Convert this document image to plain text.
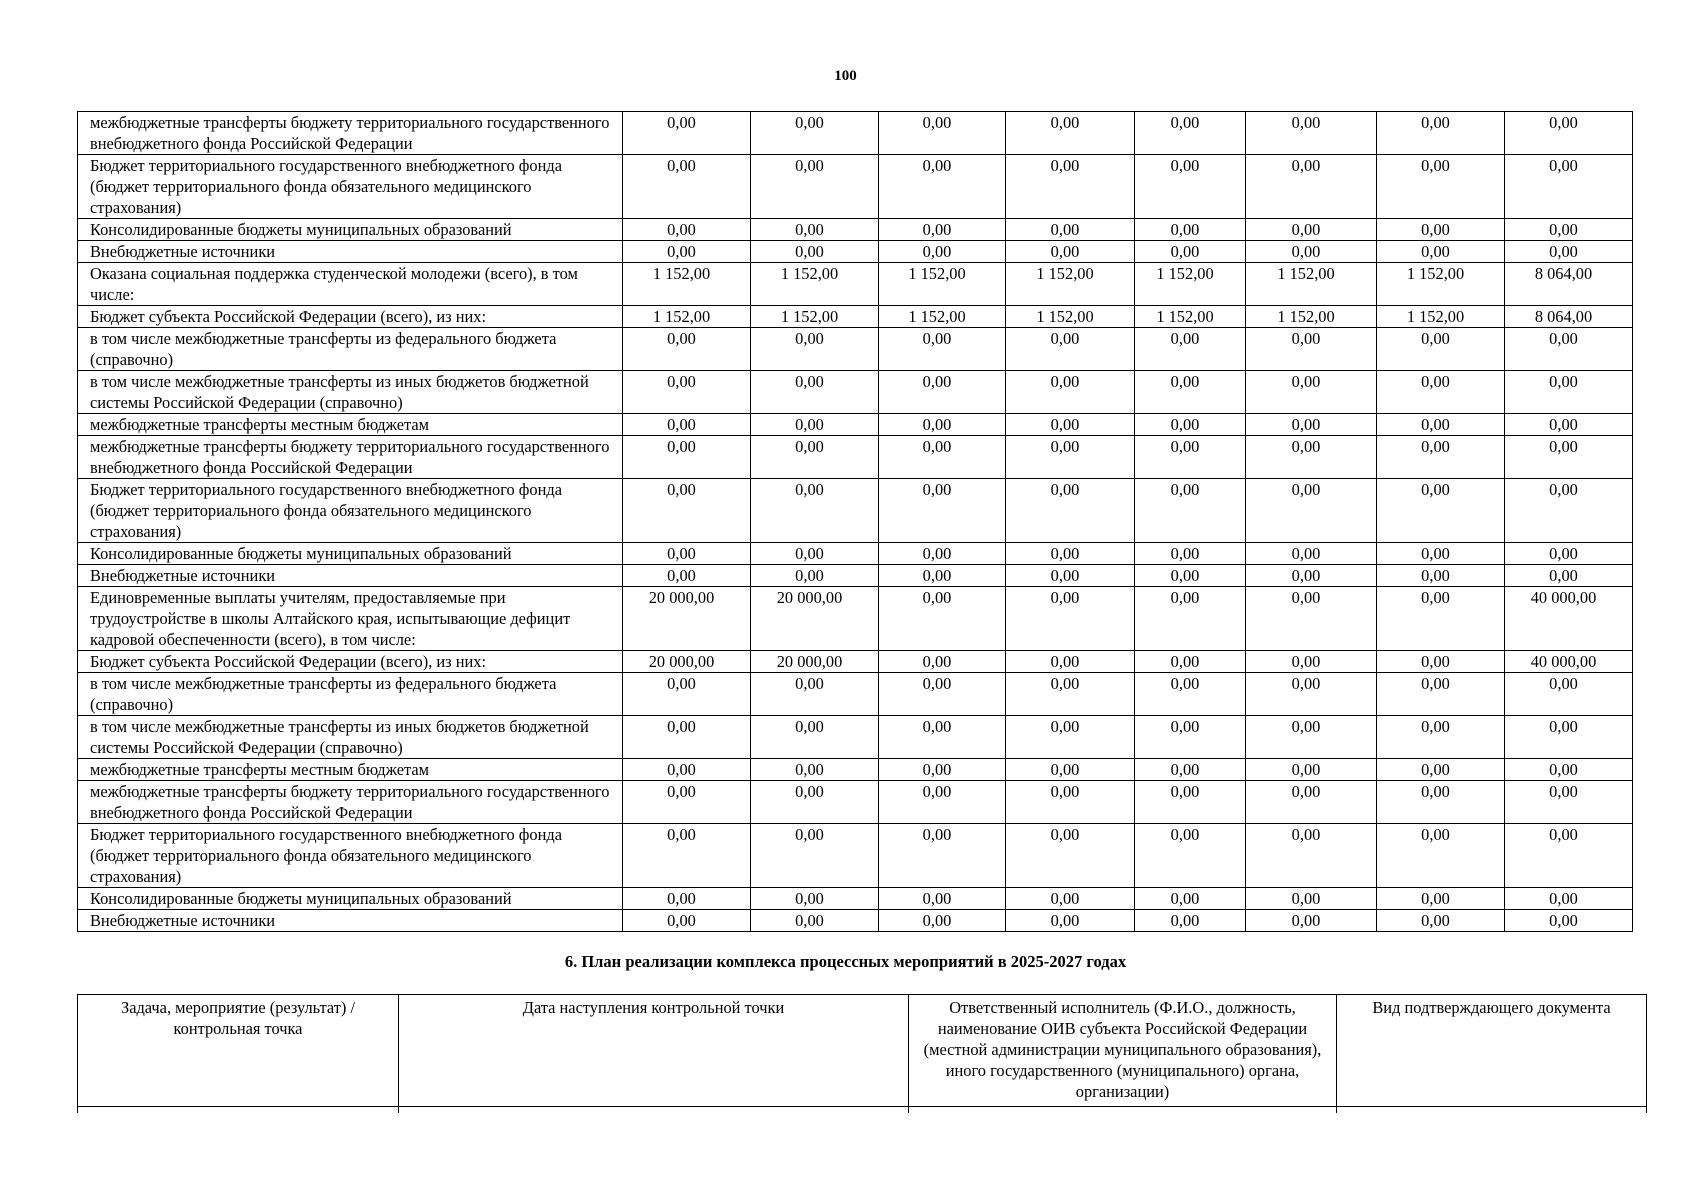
100
межбюджетные трансферты бюджету территориального государственного внебюджетного фонда Российской Федерации	0,00	0,00	0,00	0,00	0,00	0,00	0,00	0,00
Бюджет территориального государственного внебюджетного фонда (бюджет территориального фонда обязательного медицинского страхования)	0,00	0,00	0,00	0,00	0,00	0,00	0,00	0,00
Консолидированные бюджеты муниципальных образований	0,00	0,00	0,00	0,00	0,00	0,00	0,00	0,00
Внебюджетные источники	0,00	0,00	0,00	0,00	0,00	0,00	0,00	0,00
Оказана социальная поддержка студенческой молодежи (всего), в том числе:	1 152,00	1 152,00	1 152,00	1 152,00	1 152,00	1 152,00	1 152,00	8 064,00
Бюджет субъекта Российской Федерации (всего), из них:	1 152,00	1 152,00	1 152,00	1 152,00	1 152,00	1 152,00	1 152,00	8 064,00
в том числе межбюджетные трансферты из федерального бюджета (справочно)	0,00	0,00	0,00	0,00	0,00	0,00	0,00	0,00
в том числе межбюджетные трансферты из иных бюджетов бюджетной системы Российской Федерации (справочно)	0,00	0,00	0,00	0,00	0,00	0,00	0,00	0,00
межбюджетные трансферты местным бюджетам	0,00	0,00	0,00	0,00	0,00	0,00	0,00	0,00
межбюджетные трансферты бюджету территориального государственного внебюджетного фонда Российской Федерации	0,00	0,00	0,00	0,00	0,00	0,00	0,00	0,00
Бюджет территориального государственного внебюджетного фонда (бюджет территориального фонда обязательного медицинского страхования)	0,00	0,00	0,00	0,00	0,00	0,00	0,00	0,00
Консолидированные бюджеты муниципальных образований	0,00	0,00	0,00	0,00	0,00	0,00	0,00	0,00
Внебюджетные источники	0,00	0,00	0,00	0,00	0,00	0,00	0,00	0,00
Единовременные выплаты учителям, предоставляемые при трудоустройстве в школы Алтайского края, испытывающие дефицит кадровой обеспеченности (всего), в том числе:	20 000,00	20 000,00	0,00	0,00	0,00	0,00	0,00	40 000,00
Бюджет субъекта Российской Федерации (всего), из них:	20 000,00	20 000,00	0,00	0,00	0,00	0,00	0,00	40 000,00
в том числе межбюджетные трансферты из федерального бюджета (справочно)	0,00	0,00	0,00	0,00	0,00	0,00	0,00	0,00
в том числе межбюджетные трансферты из иных бюджетов бюджетной системы Российской Федерации (справочно)	0,00	0,00	0,00	0,00	0,00	0,00	0,00	0,00
межбюджетные трансферты местным бюджетам	0,00	0,00	0,00	0,00	0,00	0,00	0,00	0,00
межбюджетные трансферты бюджету территориального государственного внебюджетного фонда Российской Федерации	0,00	0,00	0,00	0,00	0,00	0,00	0,00	0,00
Бюджет территориального государственного внебюджетного фонда (бюджет территориального фонда обязательного медицинского страхования)	0,00	0,00	0,00	0,00	0,00	0,00	0,00	0,00
Консолидированные бюджеты муниципальных образований	0,00	0,00	0,00	0,00	0,00	0,00	0,00	0,00
Внебюджетные источники	0,00	0,00	0,00	0,00	0,00	0,00	0,00	0,00
6. План реализации комплекса процессных мероприятий в 2025-2027 годах
Задача, мероприятие (результат) / контрольная точка	Дата наступления контрольной точки	Ответственный исполнитель (Ф.И.О., должность, наименование ОИВ субъекта Российской Федерации (местной администрации муниципального образования), иного государственного (муниципального) органа, организации)	Вид подтверждающего документа
